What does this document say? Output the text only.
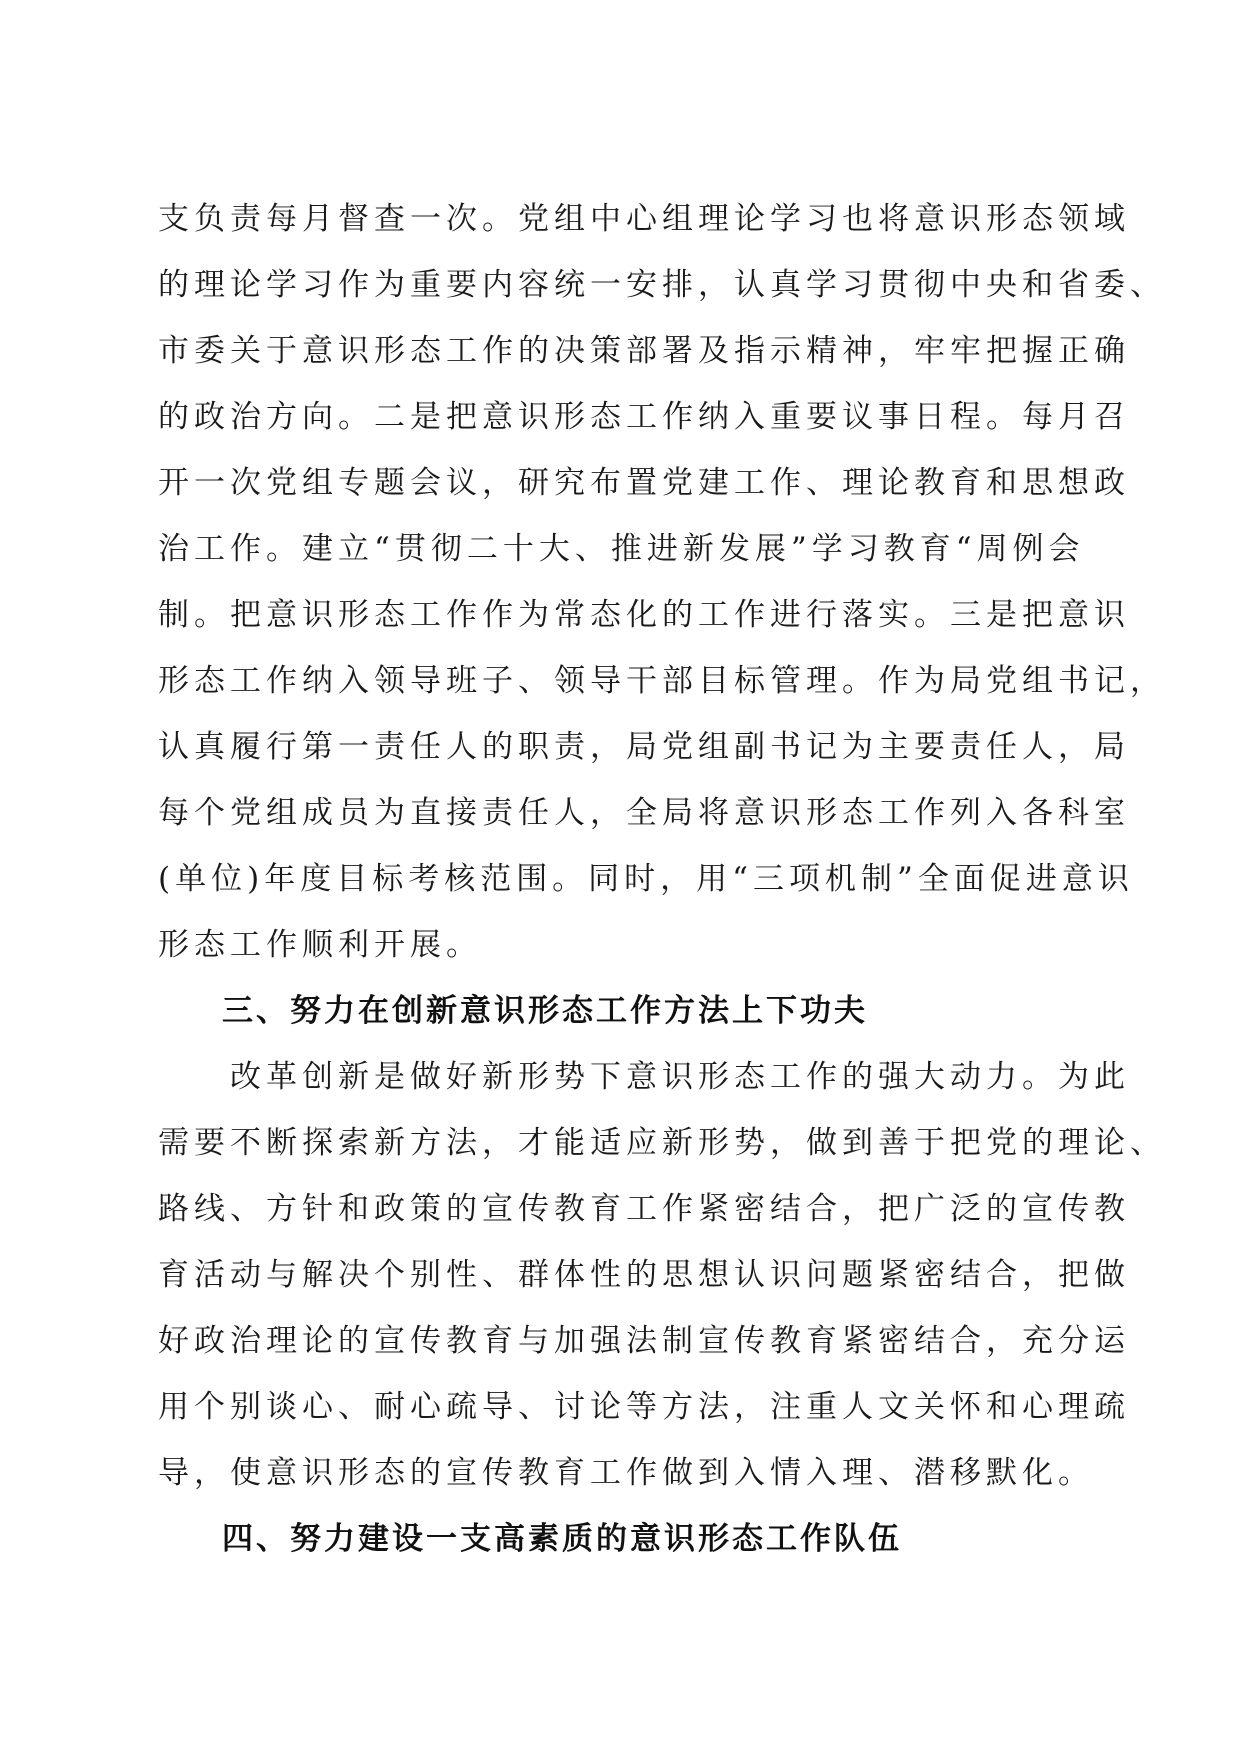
支负责每月督查一次。党组中心组理论学习也将意识形态领域
的理论学习作为重要内容统一安排，认真学习贯彻中央和省委、
市委关于意识形态工作的决策部署及指示精神，牢牢把握正确
的政治方向。二是把意识形态工作纳入重要议事日程。每月召
开一次党组专题会议，研究布置党建工作、理论教育和思想政
治工作。建立“贯彻二十大、推进新发展”学习教育“周例会
制。把意识形态工作作为常态化的工作进行落实。三是把意识
形态工作纳入领导班子、领导干部目标管理。作为局党组书记，
认真履行第一责任人的职责，局党组副书记为主要责任人，局
每个党组成员为直接责任人，全局将意识形态工作列入各科室
(单位)年度目标考核范围。同时，用“三项机制”全面促进意识
形态工作顺利开展。
三、努力在创新意识形态工作方法上下功夫
　　改革创新是做好新形势下意识形态工作的强大动力。为此
需要不断探索新方法，才能适应新形势，做到善于把党的理论、
路线、方针和政策的宣传教育工作紧密结合，把广泛的宣传教
育活动与解决个别性、群体性的思想认识问题紧密结合，把做
好政治理论的宣传教育与加强法制宣传教育紧密结合，充分运
用个别谈心、耐心疏导、讨论等方法，注重人文关怀和心理疏
导，使意识形态的宣传教育工作做到入情入理、潜移默化。
四、努力建设一支高素质的意识形态工作队伍
